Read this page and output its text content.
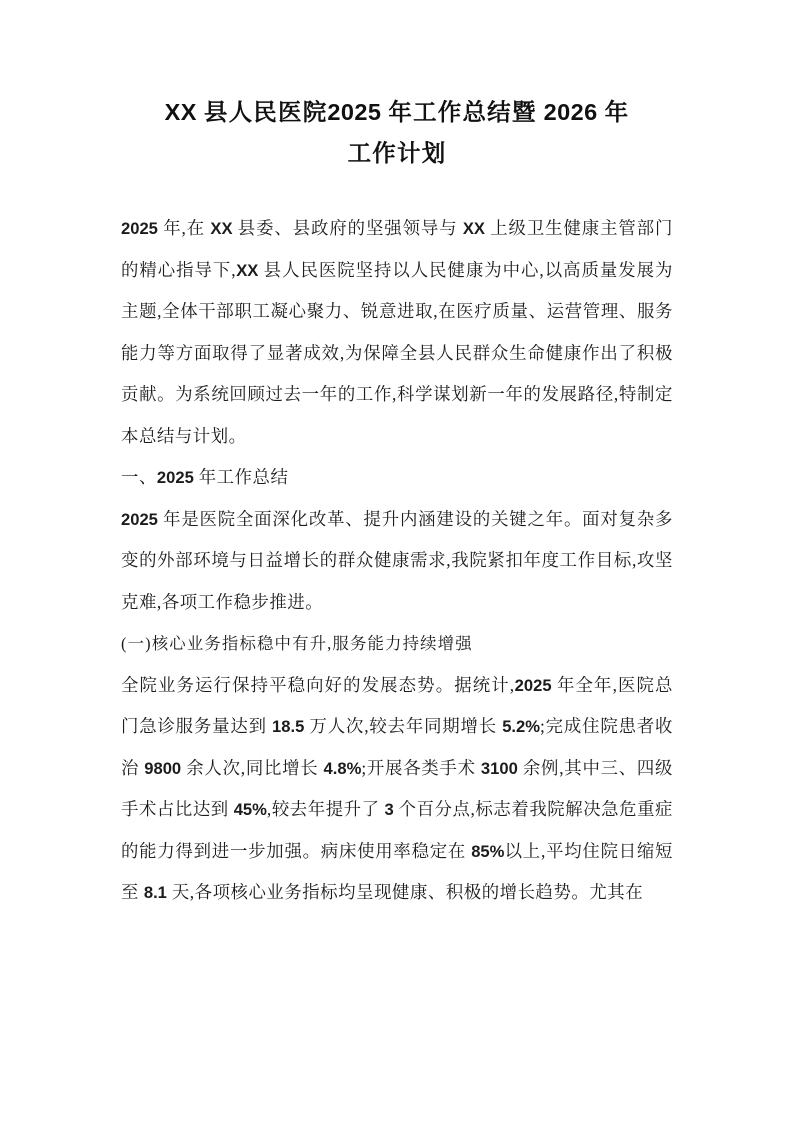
XX 县人民医院2025 年工作总结暨 2026 年
工作计划

2025 年,在 XX 县委、县政府的坚强领导与 XX 上级卫生健康主管部门的精心指导下,XX 县人民医院坚持以人民健康为中心,以高质量发展为主题,全体干部职工凝心聚力、锐意进取,在医疗质量、运营管理、服务能力等方面取得了显著成效,为保障全县人民群众生命健康作出了积极贡献。为系统回顾过去一年的工作,科学谋划新一年的发展路径,特制定本总结与计划。

一、2025 年工作总结

2025 年是医院全面深化改革、提升内涵建设的关键之年。面对复杂多变的外部环境与日益增长的群众健康需求,我院紧扣年度工作目标,攻坚克难,各项工作稳步推进。

(一)核心业务指标稳中有升,服务能力持续增强

全院业务运行保持平稳向好的发展态势。据统计,2025 年全年,医院总门急诊服务量达到 18.5 万人次,较去年同期增长 5.2%;完成住院患者收治 9800 余人次,同比增长 4.8%;开展各类手术 3100 余例,其中三、四级手术占比达到 45%,较去年提升了 3 个百分点,标志着我院解决急危重症的能力得到进一步加强。病床使用率稳定在 85%以上,平均住院日缩短至 8.1 天,各项核心业务指标均呈现健康、积极的增长趋势。尤其在
